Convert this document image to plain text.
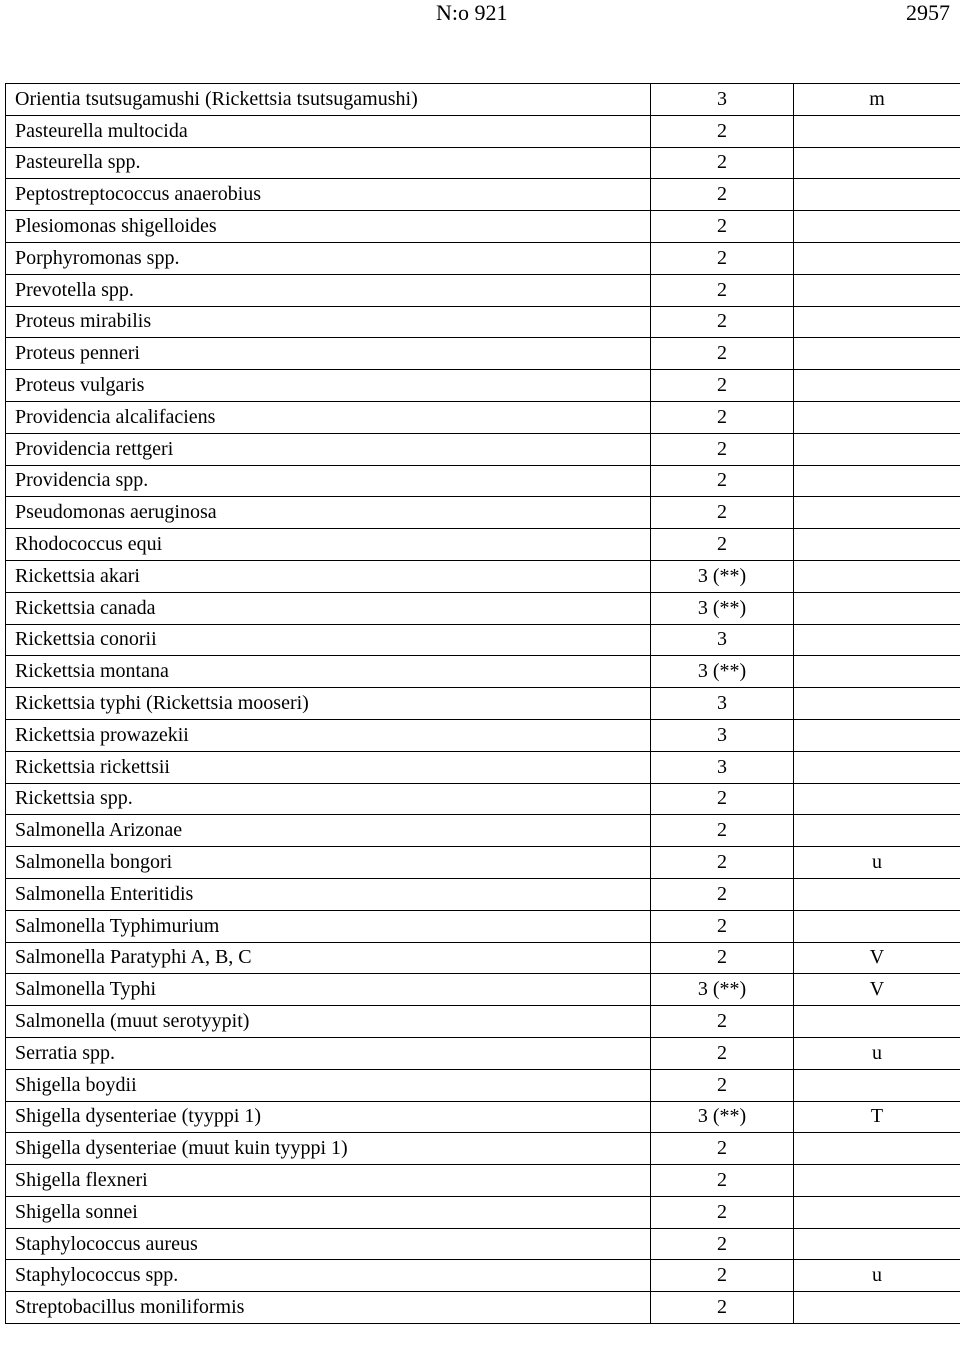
N:o 921	2957
Orientia tsutsugamushi (Rickettsia tsutsugamushi)	3	m
Pasteurella multocida	2	
Pasteurella spp.	2	
Peptostreptococcus anaerobius	2	
Plesiomonas shigelloides	2	
Porphyromonas spp.	2	
Prevotella spp.	2	
Proteus mirabilis	2	
Proteus penneri	2	
Proteus vulgaris	2	
Providencia alcalifaciens	2	
Providencia rettgeri	2	
Providencia spp.	2	
Pseudomonas aeruginosa	2	
Rhodococcus equi	2	
Rickettsia akari	3 (**)	
Rickettsia canada	3 (**)	
Rickettsia conorii	3	
Rickettsia montana	3 (**)	
Rickettsia typhi (Rickettsia mooseri)	3	
Rickettsia prowazekii	3	
Rickettsia rickettsii	3	
Rickettsia spp.	2	
Salmonella Arizonae	2	
Salmonella bongori	2	u
Salmonella Enteritidis	2	
Salmonella Typhimurium	2	
Salmonella Paratyphi A, B, C	2	V
Salmonella Typhi	3 (**)	V
Salmonella (muut serotyypit)	2	
Serratia spp.	2	u
Shigella boydii	2	
Shigella dysenteriae (tyyppi 1)	3 (**)	T
Shigella dysenteriae (muut kuin tyyppi 1)	2	
Shigella flexneri	2	
Shigella sonnei	2	
Staphylococcus aureus	2	
Staphylococcus spp.	2	u
Streptobacillus moniliformis	2	
